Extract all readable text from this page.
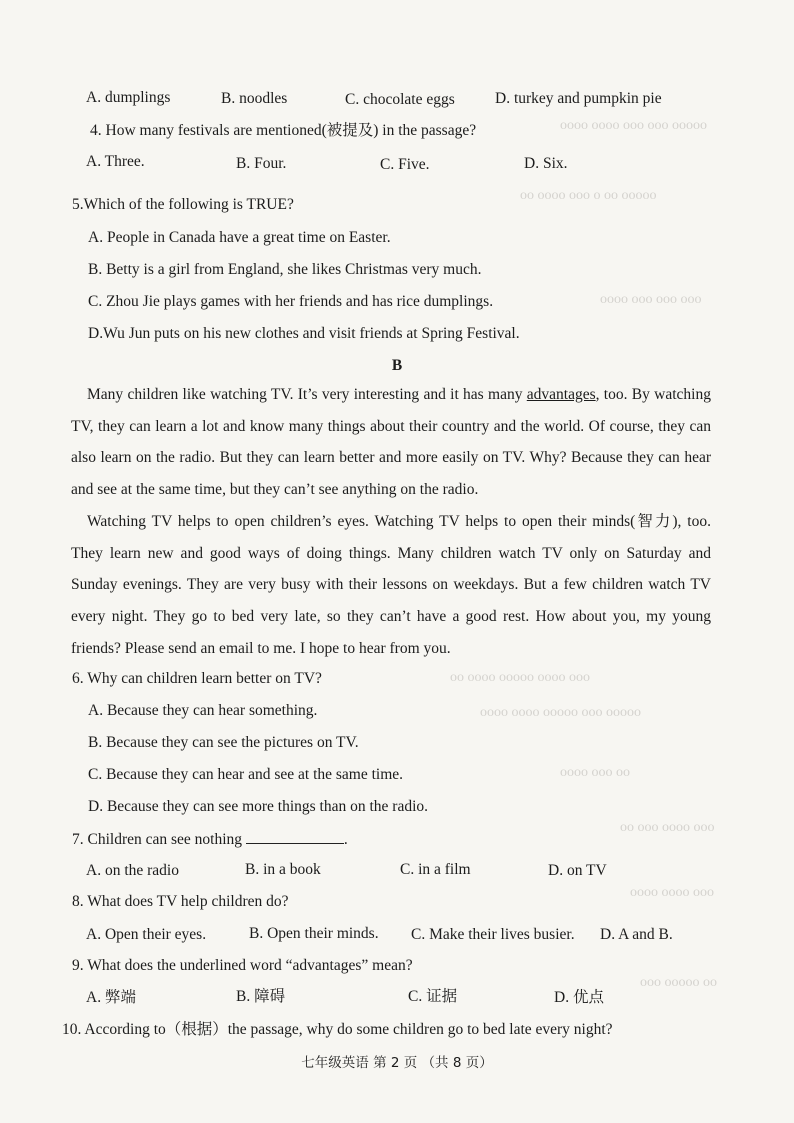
ooooo ooo ooo oooo oooo
ooooo oo o ooo oooo oo
ooo ooo ooo oooo
ooo oooo ooooo oooo oo
ooooo ooo ooooo oooo oooo
oo ooo oooo
ooo oooo ooo oo
ooo oooo oooo
oo ooooo ooo
A. dumplings	B. noodles	C. chocolate eggs	D. turkey and pumpkin pie
4. How many festivals are mentioned(被提及) in the passage?
A. Three.	B. Four.	C. Five.	D. Six.
5.Which of the following is TRUE?
A. People in Canada have a great time on Easter.
B. Betty is a girl from England, she likes Christmas very much.
C. Zhou Jie plays games with her friends and has rice dumplings.
D.Wu Jun puts on his new clothes and visit friends at Spring Festival.
B
Many children like watching TV. It’s very interesting and it has many advantages, too. By watching TV, they can learn a lot and know many things about their country and the world. Of course, they can also learn on the radio. But they can learn better and more easily on TV. Why? Because they can hear and see at the same time, but they can’t see anything on the radio.
Watching TV helps to open children’s eyes. Watching TV helps to open their minds(智力), too. They learn new and good ways of doing things. Many children watch TV only on Saturday and Sunday evenings. They are very busy with their lessons on weekdays. But a few children watch TV every night. They go to bed very late, so they can’t have a good rest. How about you, my young friends? Please send an email to me. I hope to hear from you.
6. Why can children learn better on TV?
A. Because they can hear something.
B. Because they can see the pictures on TV.
C. Because they can hear and see at the same time.
D. Because they can see more things than on the radio.
7. Children can see nothing	.
A. on the radio	B. in a book	C. in a film	D. on TV
8. What does TV help children do?
A. Open their eyes.	B. Open their minds. C. Make their lives busier. D. A and B.
9. What does the underlined word “advantages” mean?
A. 弊端	B. 障碍	C. 证据	D. 优点
10. According to（根据）the passage, why do some children go to bed late every night?
七年级英语 第 2 页 （共 8 页）
